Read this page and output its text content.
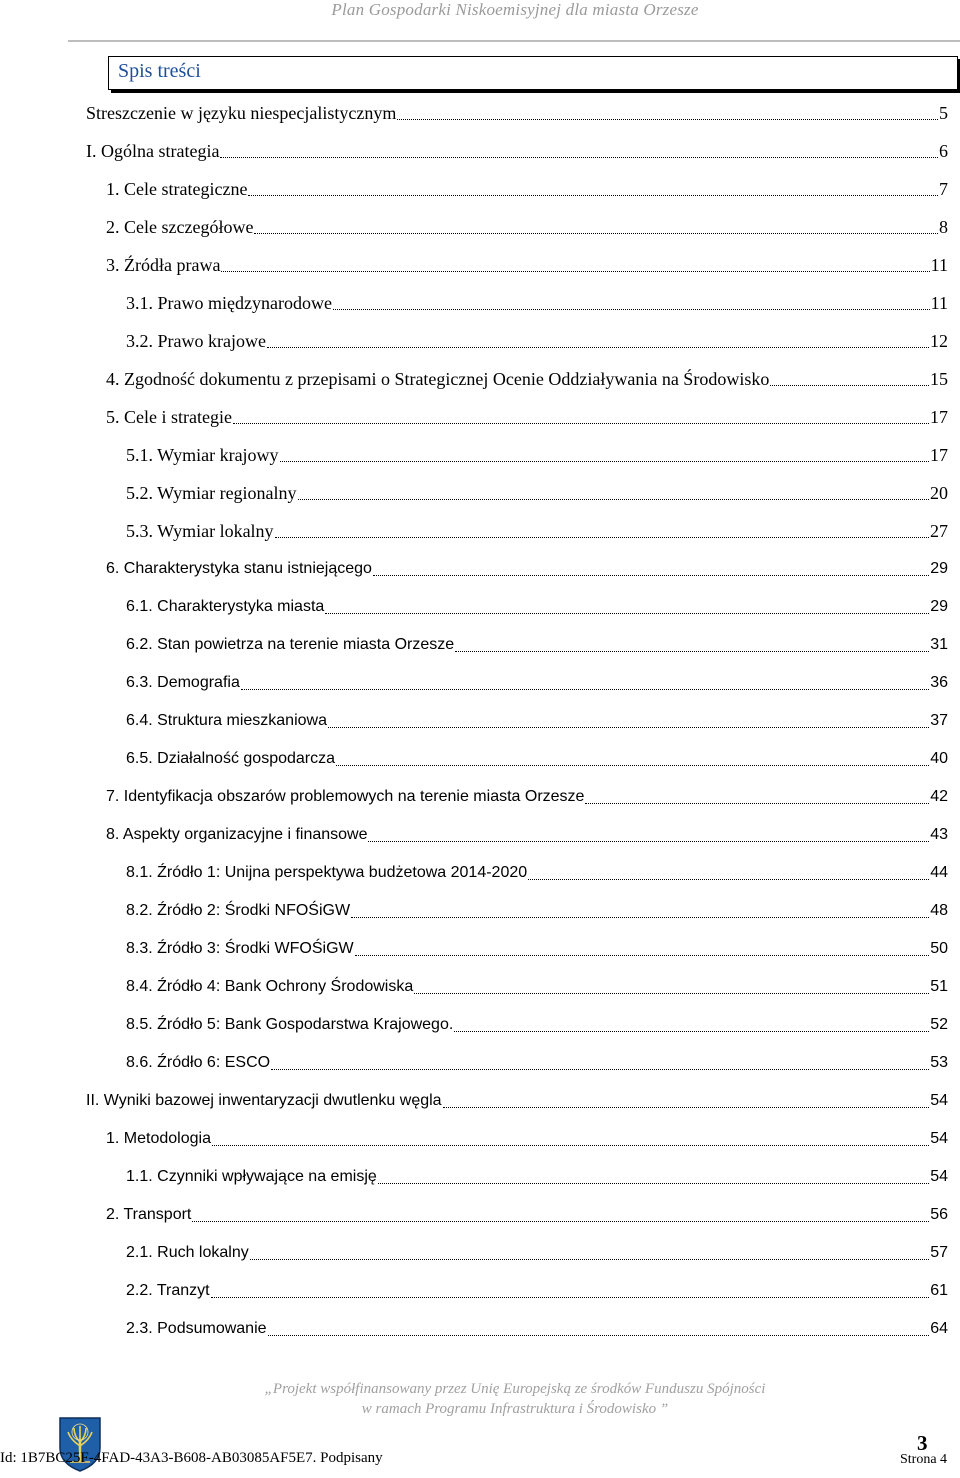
Plan Gospodarki Niskoemisyjnej dla miasta Orzesze
Spis treści
Streszczenie w języku niespecjalistycznym	5
I. Ogólna strategia	6
1. Cele strategiczne	7
2. Cele szczegółowe	8
3. Źródła prawa	11
3.1. Prawo międzynarodowe	11
3.2. Prawo krajowe	12
4. Zgodność dokumentu z przepisami o Strategicznej Ocenie Oddziaływania na Środowisko	15
5. Cele i strategie	17
5.1. Wymiar krajowy	17
5.2. Wymiar regionalny	20
5.3. Wymiar lokalny	27
6. Charakterystyka stanu istniejącego	29
6.1. Charakterystyka miasta	29
6.2. Stan powietrza na terenie miasta Orzesze	31
6.3. Demografia	36
6.4. Struktura mieszkaniowa	37
6.5. Działalność gospodarcza	40
7. Identyfikacja obszarów problemowych na terenie miasta Orzesze	42
8. Aspekty organizacyjne i finansowe	43
8.1. Źródło 1: Unijna perspektywa budżetowa 2014-2020	44
8.2. Źródło 2: Środki NFOŚiGW	48
8.3. Źródło 3: Środki WFOŚiGW	50
8.4. Źródło 4: Bank Ochrony Środowiska	51
8.5. Źródło 5: Bank Gospodarstwa Krajowego.	52
8.6. Źródło 6: ESCO	53
II. Wyniki bazowej inwentaryzacji dwutlenku węgla	54
1. Metodologia	54
1.1. Czynniki wpływające na emisję	54
2. Transport	56
2.1. Ruch lokalny	57
2.2. Tranzyt	61
2.3. Podsumowanie	64
„Projekt współfinansowany przez Unię Europejską ze środków Funduszu Spójności
w ramach Programu Infrastruktura i Środowisko ”
Id: 1B7BC25F-4FAD-43A3-B608-AB03085AF5E7. Podpisany
3
Strona 4
